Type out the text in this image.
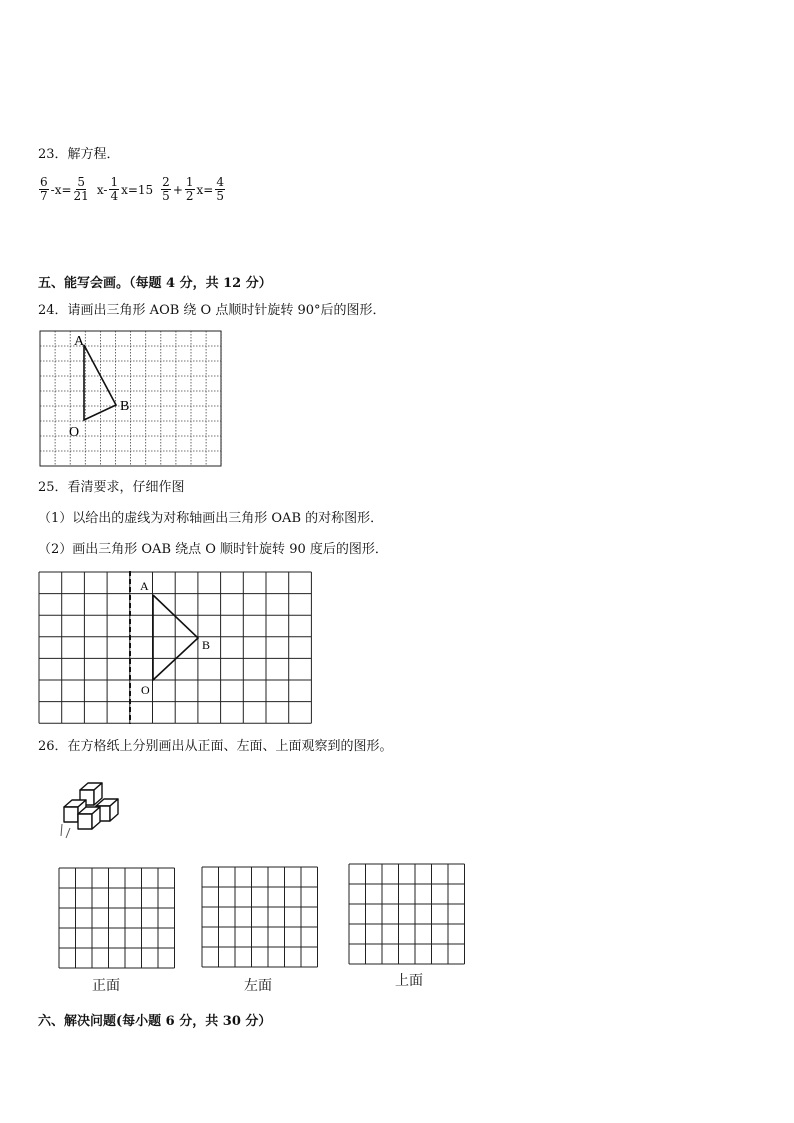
23．解方程．
$\frac{6}{7} -x= \frac{5}{21} x- \frac{1}{4} x=15 \frac{2}{5} + \frac{1}{2} x= \frac{4}{5}$
五、能写会画。（每题 4 分，共 12 分）
24．请画出三角形 AOB 绕 O 点顺时针旋转 90°后的图形．
A
B
O
25．看清要求，仔细作图
（1）以给出的虚线为对称轴画出三角形 OAB 的对称图形．
（2）画出三角形 OAB 绕点 O 顺时针旋转 90 度后的图形．
A
B
O
26．在方格纸上分别画出从正面、左面、上面观察到的图形。
正面	左面	上面
六、解决问题(每小题 6 分，共 30 分）
